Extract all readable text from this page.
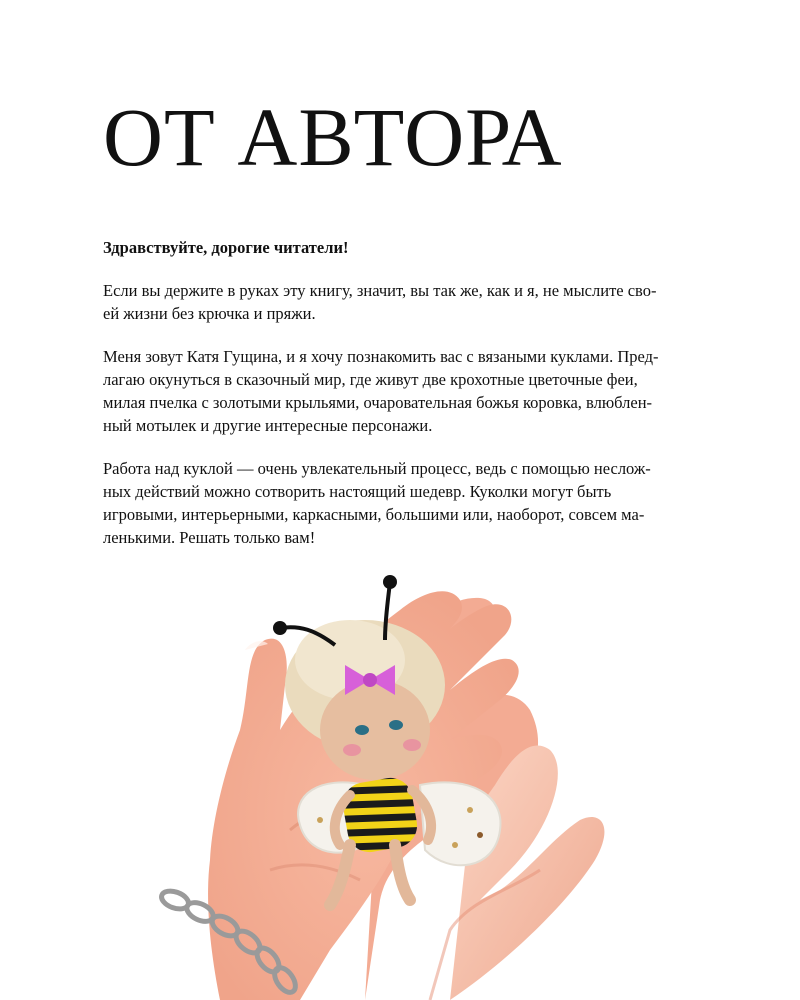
ОТ АВТОРА

Здравствуйте, дорогие читатели!

Если вы держите в руках эту книгу, значит, вы так же, как и я, не мыслите сво-
ей жизни без крючка и пряжи.

Меня зовут Катя Гущина, и я хочу познакомить вас с вязаными куклами. Пред-
лагаю окунуться в сказочный мир, где живут две крохотные цветочные феи,
милая пчелка с золотыми крыльями, очаровательная божья коровка, влюблен-
ный мотылек и другие интересные персонажи.

Работа над куклой — очень увлекательный процесс, ведь с помощью неслож-
ных действий можно сотворить настоящий шедевр. Куколки могут быть
игровыми, интерьерными, каркасными, большими или, наоборот, совсем ма-
ленькими. Решать только вам!
